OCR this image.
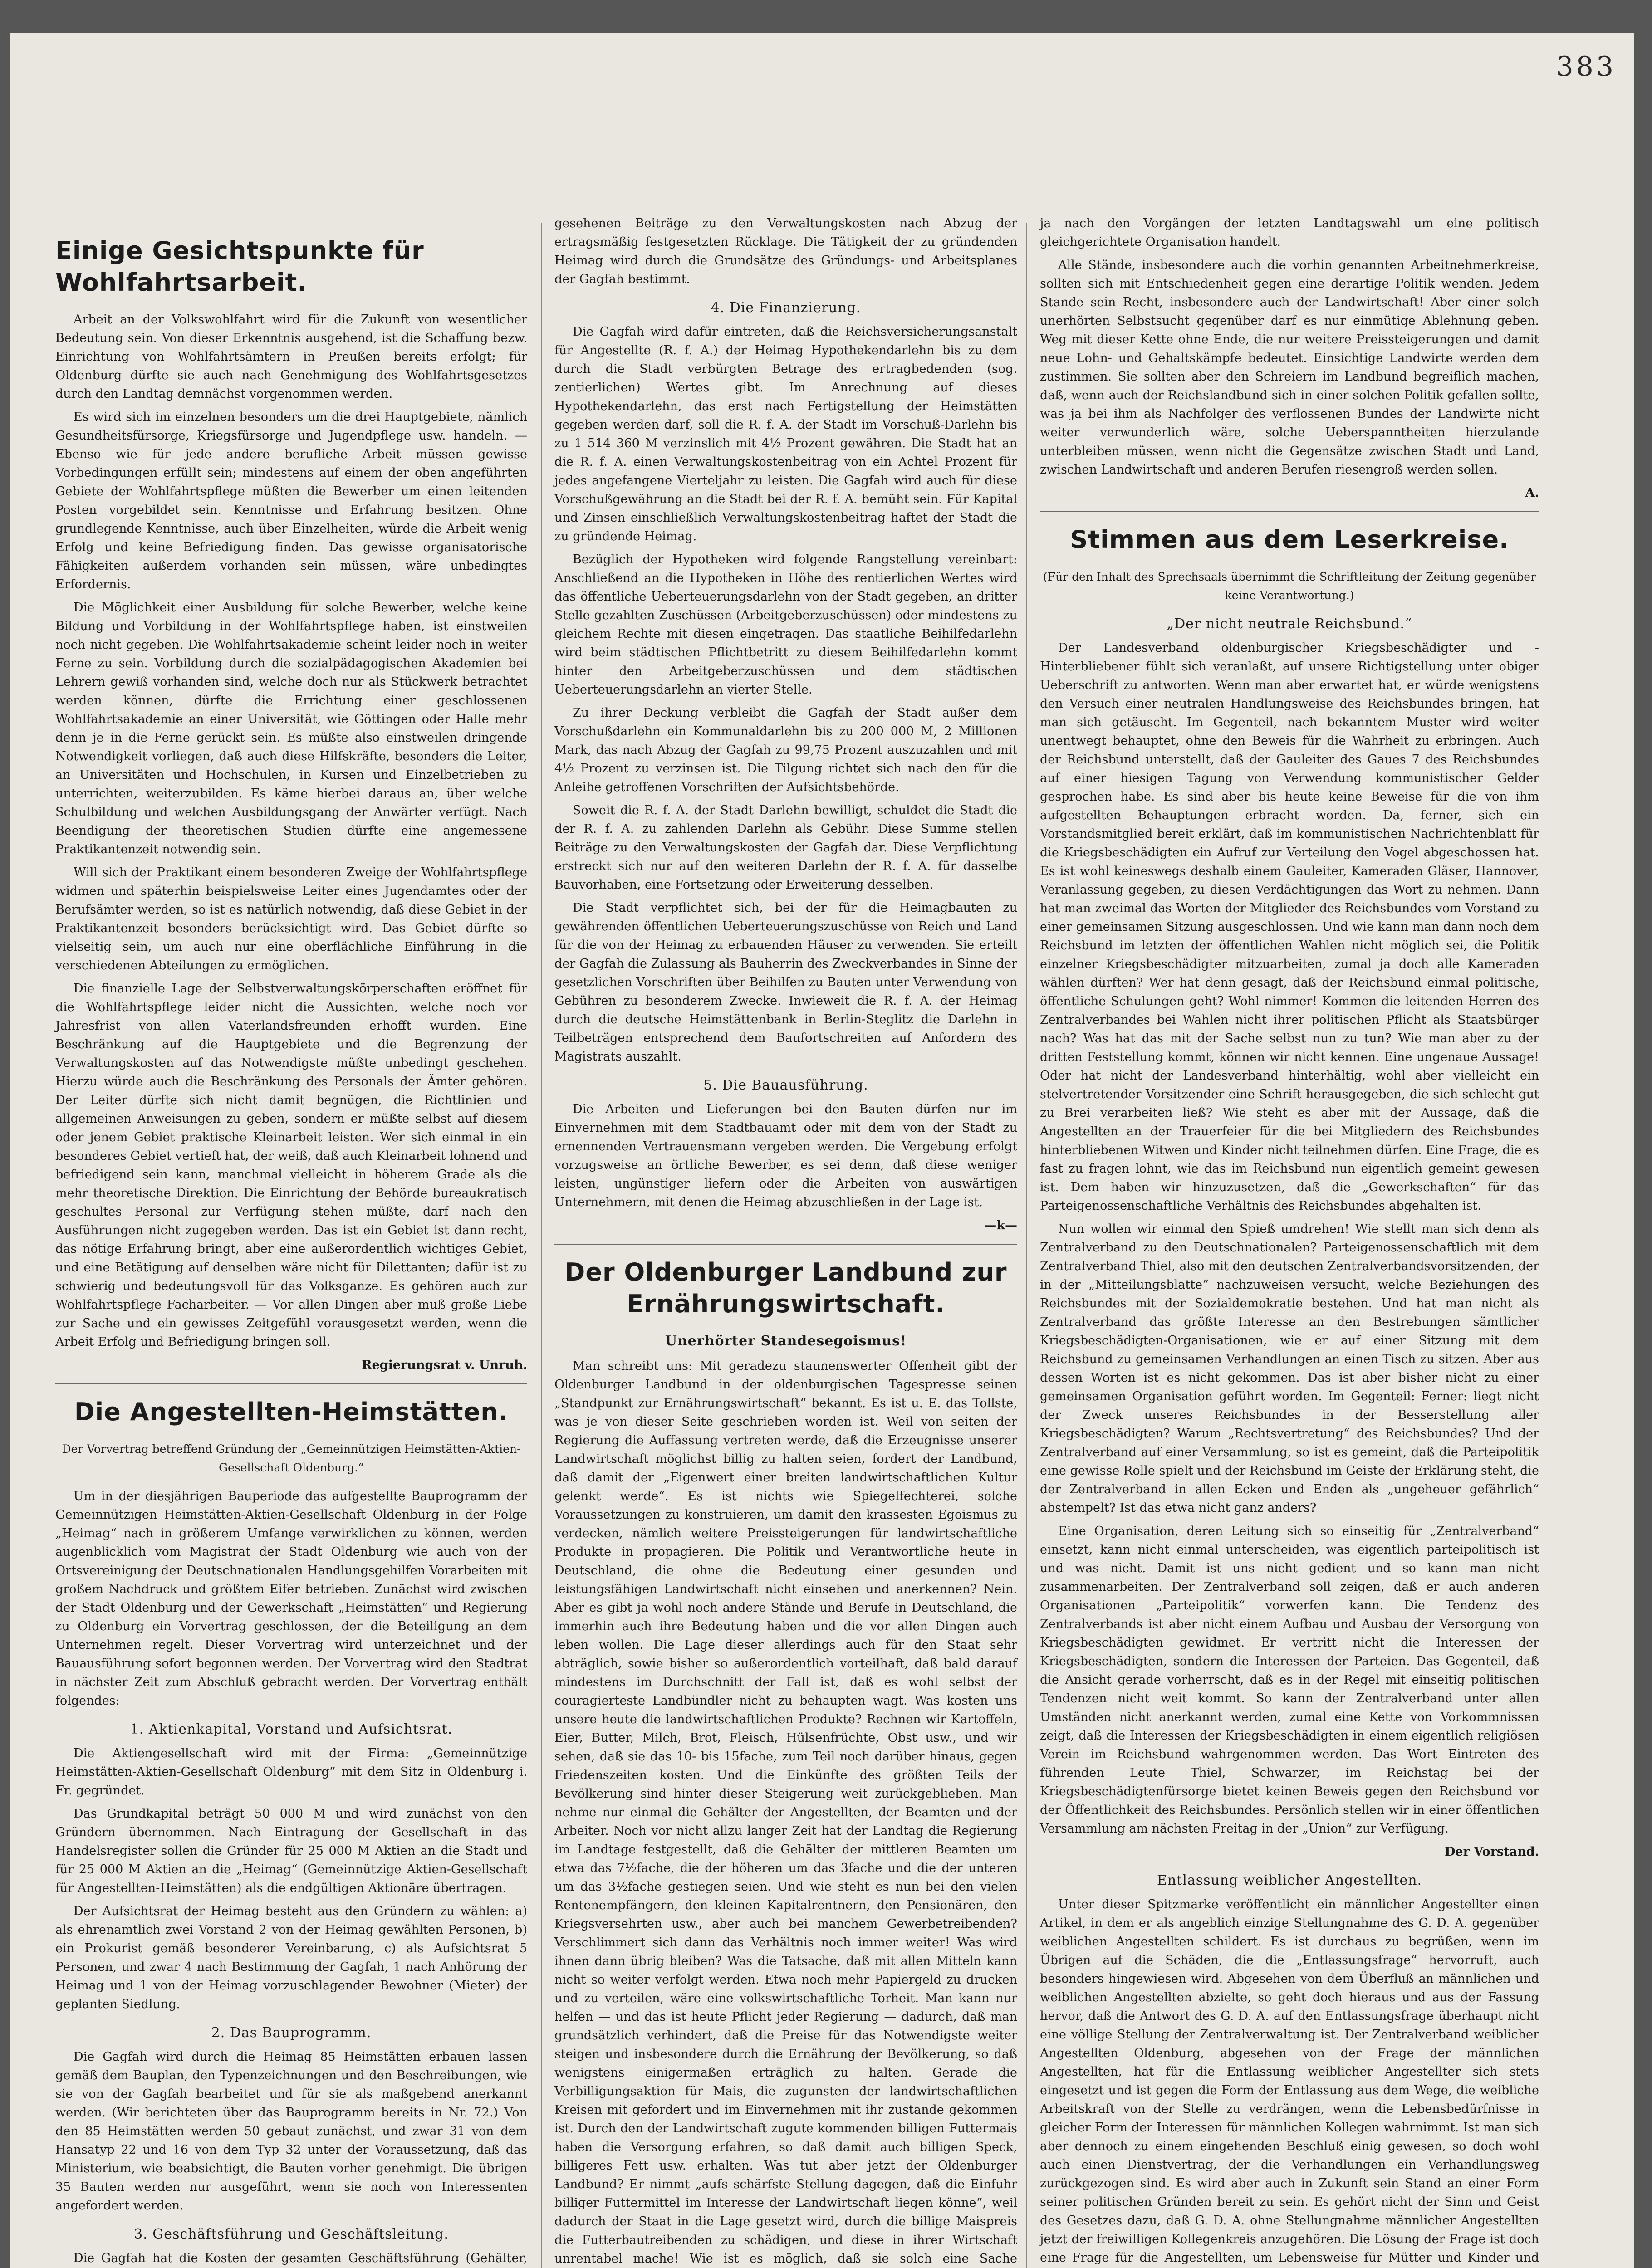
383
Einige Gesichtspunkte für Wohlfahrtsarbeit.

Arbeit an der Volkswohlfahrt wird für die Zukunft von wesentlicher Bedeutung sein. Von dieser Erkenntnis ausgehend, ist die Schaffung bezw. Einrichtung von Wohlfahrtsämtern in Preußen bereits erfolgt; für Oldenburg dürfte sie auch nach Genehmigung des Wohlfahrtsgesetzes durch den Landtag demnächst vorgenommen werden.

Es wird sich im einzelnen besonders um die drei Hauptgebiete, nämlich Gesundheitsfürsorge, Kriegsfürsorge und Jugendpflege usw. handeln. — Ebenso wie für jede andere berufliche Arbeit müssen gewisse Vorbedingungen erfüllt sein; mindestens auf einem der oben angeführten Gebiete der Wohlfahrtspflege müßten die Bewerber um einen leitenden Posten vorgebildet sein. Kenntnisse und Erfahrung besitzen. Ohne grundlegende Kenntnisse, auch über Einzelheiten, würde die Arbeit wenig Erfolg und keine Befriedigung finden. Das gewisse organisatorische Fähigkeiten außerdem vorhanden sein müssen, wäre unbedingtes Erfordernis.

Die Möglichkeit einer Ausbildung für solche Bewerber, welche keine Bildung und Vorbildung in der Wohlfahrtspflege haben, ist einstweilen noch nicht gegeben. Die Wohlfahrtsakademie scheint leider noch in weiter Ferne zu sein. Vorbildung durch die sozialpädagogischen Akademien bei Lehrern gewiß vorhanden sind, welche doch nur als Stückwerk betrachtet werden können, dürfte die Errichtung einer geschlossenen Wohlfahrtsakademie an einer Universität, wie Göttingen oder Halle mehr denn je in die Ferne gerückt sein. Es müßte also einstweilen dringende Notwendigkeit vorliegen, daß auch diese Hilfskräfte, besonders die Leiter, an Universitäten und Hochschulen, in Kursen und Einzelbetrieben zu unterrichten, weiterzubilden. Es käme hierbei daraus an, über welche Schulbildung und welchen Ausbildungsgang der Anwärter verfügt. Nach Beendigung der theoretischen Studien dürfte eine angemessene Praktikantenzeit notwendig sein.

Will sich der Praktikant einem besonderen Zweige der Wohlfahrtspflege widmen und späterhin beispielsweise Leiter eines Jugendamtes oder der Berufsämter werden, so ist es natürlich notwendig, daß diese Gebiet in der Praktikantenzeit besonders berücksichtigt wird. Das Gebiet dürfte so vielseitig sein, um auch nur eine oberflächliche Einführung in die verschiedenen Abteilungen zu ermöglichen.

Die finanzielle Lage der Selbstverwaltungskörperschaften eröffnet für die Wohlfahrtspflege leider nicht die Aussichten, welche noch vor Jahresfrist von allen Vaterlandsfreunden erhofft wurden. Eine Beschränkung auf die Hauptgebiete und die Begrenzung der Verwaltungskosten auf das Notwendigste müßte unbedingt geschehen. Hierzu würde auch die Beschränkung des Personals der Ämter gehören. Der Leiter dürfte sich nicht damit begnügen, die Richtlinien und allgemeinen Anweisungen zu geben, sondern er müßte selbst auf diesem oder jenem Gebiet praktische Kleinarbeit leisten. Wer sich einmal in ein besonderes Gebiet vertieft hat, der weiß, daß auch Kleinarbeit lohnend und befriedigend sein kann, manchmal vielleicht in höherem Grade als die mehr theoretische Direktion. Die Einrichtung der Behörde bureaukratisch geschultes Personal zur Verfügung stehen müßte, darf nach den Ausführungen nicht zugegeben werden. Das ist ein Gebiet ist dann recht, das nötige Erfahrung bringt, aber eine außerordentlich wichtiges Gebiet, und eine Betätigung auf denselben wäre nicht für Dilettanten; dafür ist zu schwierig und bedeutungsvoll für das Volksganze. Es gehören auch zur Wohlfahrtspflege Facharbeiter. — Vor allen Dingen aber muß große Liebe zur Sache und ein gewisses Zeitgefühl vorausgesetzt werden, wenn die Arbeit Erfolg und Befriedigung bringen soll.

Regierungsrat v. Unruh.

Die Angestellten-Heimstätten.

Der Vorvertrag betreffend Gründung der „Gemeinnützigen Heimstätten-Aktien-Gesellschaft Oldenburg.“

Um in der diesjährigen Bauperiode das aufgestellte Bauprogramm der Gemeinnützigen Heimstätten-Aktien-Gesellschaft Oldenburg in der Folge „Heimag“ nach in größerem Umfange verwirklichen zu können, werden augenblicklich vom Magistrat der Stadt Oldenburg wie auch von der Ortsvereinigung der Deutschnationalen Handlungsgehilfen Vorarbeiten mit großem Nachdruck und größtem Eifer betrieben. Zunächst wird zwischen der Stadt Oldenburg und der Gewerkschaft „Heimstätten“ und Regierung zu Oldenburg ein Vorvertrag geschlossen, der die Beteiligung an dem Unternehmen regelt. Dieser Vorvertrag wird unterzeichnet und der Bauausführung sofort begonnen werden. Der Vorvertrag wird den Stadtrat in nächster Zeit zum Abschluß gebracht werden. Der Vorvertrag enthält folgendes:

1. Aktienkapital, Vorstand und Aufsichtsrat.

Die Aktiengesellschaft wird mit der Firma: „Gemeinnützige Heimstätten-Aktien-Gesellschaft Oldenburg“ mit dem Sitz in Oldenburg i. Fr. gegründet.

Das Grundkapital beträgt 50 000 M und wird zunächst von den Gründern übernommen. Nach Eintragung der Gesellschaft in das Handelsregister sollen die Gründer für 25 000 M Aktien an die Stadt und für 25 000 M Aktien an die „Heimag“ (Gemeinnützige Aktien-Gesellschaft für Angestellten-Heimstätten) als die endgültigen Aktionäre übertragen.

Der Aufsichtsrat der Heimag besteht aus den Gründern zu wählen: a) als ehrenamtlich zwei Vorstand 2 von der Heimag gewählten Personen, b) ein Prokurist gemäß besonderer Vereinbarung, c) als Aufsichtsrat 5 Personen, und zwar 4 nach Bestimmung der Gagfah, 1 nach Anhörung der Heimag und 1 von der Heimag vorzuschlagender Bewohner (Mieter) der geplanten Siedlung.

2. Das Bauprogramm.

Die Gagfah wird durch die Heimag 85 Heimstätten erbauen lassen gemäß dem Bauplan, den Typenzeichnungen und den Beschreibungen, wie sie von der Gagfah bearbeitet und für sie als maßgebend anerkannt werden. (Wir berichteten über das Bauprogramm bereits in Nr. 72.) Von den 85 Heimstätten werden 50 gebaut zunächst, und zwar 31 von dem Hansatyp 22 und 16 von dem Typ 32 unter der Voraussetzung, daß das Ministerium, wie beabsichtigt, die Bauten vorher genehmigt. Die übrigen 35 Bauten werden nur ausgeführt, wenn sie noch von Interessenten angefordert werden.

3. Geschäftsführung und Geschäftsleitung.

Die Gagfah hat die Kosten der gesamten Geschäftsführung (Gehälter,

gesehenen Beiträge zu den Verwaltungskosten nach Abzug der ertragsmäßig festgesetzten Rücklage. Die Tätigkeit der zu gründenden Heimag wird durch die Grundsätze des Gründungs- und Arbeitsplanes der Gagfah bestimmt.

4. Die Finanzierung.

Die Gagfah wird dafür eintreten, daß die Reichsversicherungsanstalt für Angestellte (R. f. A.) der Heimag Hypothekendarlehn bis zu dem durch die Stadt verbürgten Betrage des ertragbedenden (sog. zentierlichen) Wertes gibt. Im Anrechnung auf dieses Hypothekendarlehn, das erst nach Fertigstellung der Heimstätten gegeben werden darf, soll die R. f. A. der Stadt im Vorschuß-Darlehn bis zu 1 514 360 M verzinslich mit 4½ Prozent gewähren. Die Stadt hat an die R. f. A. einen Verwaltungskostenbeitrag von ein Achtel Prozent für jedes angefangene Vierteljahr zu leisten. Die Gagfah wird auch für diese Vorschußgewährung an die Stadt bei der R. f. A. bemüht sein. Für Kapital und Zinsen einschließlich Verwaltungskostenbeitrag haftet der Stadt die zu gründende Heimag.

Bezüglich der Hypotheken wird folgende Rangstellung vereinbart: Anschließend an die Hypotheken in Höhe des rentierlichen Wertes wird das öffentliche Ueberteuerungsdarlehn von der Stadt gegeben, an dritter Stelle gezahlten Zuschüssen (Arbeitgeberzuschüssen) oder mindestens zu gleichem Rechte mit diesen eingetragen. Das staatliche Beihilfedarlehn wird beim städtischen Pflichtbetritt zu diesem Beihilfedarlehn kommt hinter den Arbeitgeberzuschüssen und dem städtischen Ueberteuerungsdarlehn an vierter Stelle.

Zu ihrer Deckung verbleibt die Gagfah der Stadt außer dem Vorschußdarlehn ein Kommunaldarlehn bis zu 200 000 M, 2 Millionen Mark, das nach Abzug der Gagfah zu 99,75 Prozent auszuzahlen und mit 4½ Prozent zu verzinsen ist. Die Tilgung richtet sich nach den für die Anleihe getroffenen Vorschriften der Aufsichtsbehörde.

Soweit die R. f. A. der Stadt Darlehn bewilligt, schuldet die Stadt die der R. f. A. zu zahlenden Darlehn als Gebühr. Diese Summe stellen Beiträge zu den Verwaltungskosten der Gagfah dar. Diese Verpflichtung erstreckt sich nur auf den weiteren Darlehn der R. f. A. für dasselbe Bauvorhaben, eine Fortsetzung oder Erweiterung desselben.

Die Stadt verpflichtet sich, bei der für die Heimagbauten zu gewährenden öffentlichen Ueberteuerungszuschüsse von Reich und Land für die von der Heimag zu erbauenden Häuser zu verwenden. Sie erteilt der Gagfah die Zulassung als Bauherrin des Zweckverbandes in Sinne der gesetzlichen Vorschriften über Beihilfen zu Bauten unter Verwendung von Gebühren zu besonderem Zwecke. Inwieweit die R. f. A. der Heimag durch die deutsche Heimstättenbank in Berlin-Steglitz die Darlehn in Teilbeträgen entsprechend dem Baufortschreiten auf Anfordern des Magistrats auszahlt.

5. Die Bauausführung.

Die Arbeiten und Lieferungen bei den Bauten dürfen nur im Einvernehmen mit dem Stadtbauamt oder mit dem von der Stadt zu ernennenden Vertrauensmann vergeben werden. Die Vergebung erfolgt vorzugsweise an örtliche Bewerber, es sei denn, daß diese weniger leisten, ungünstiger liefern oder die Arbeiten von auswärtigen Unternehmern, mit denen die Heimag abzuschließen in der Lage ist.

—k—

Der Oldenburger Landbund zur Ernährungswirtschaft.
Unerhörter Standesegoismus!

Man schreibt uns: Mit geradezu staunenswerter Offenheit gibt der Oldenburger Landbund in der oldenburgischen Tagespresse seinen „Standpunkt zur Ernährungswirtschaft“ bekannt. Es ist u. E. das Tollste, was je von dieser Seite geschrieben worden ist. Weil von seiten der Regierung die Auffassung vertreten werde, daß die Erzeugnisse unserer Landwirtschaft möglichst billig zu halten seien, fordert der Landbund, daß damit der „Eigenwert einer breiten landwirtschaftlichen Kultur gelenkt werde“. Es ist nichts wie Spiegelfechterei, solche Voraussetzungen zu konstruieren, um damit den krassesten Egoismus zu verdecken, nämlich weitere Preissteigerungen für landwirtschaftliche Produkte in propagieren. Die Politik und Verantwortliche heute in Deutschland, die ohne die Bedeutung einer gesunden und leistungsfähigen Landwirtschaft nicht einsehen und anerkennen? Nein. Aber es gibt ja wohl noch andere Stände und Berufe in Deutschland, die immerhin auch ihre Bedeutung haben und die vor allen Dingen auch leben wollen. Die Lage dieser allerdings auch für den Staat sehr abträglich, sowie bisher so außerordentlich vorteilhaft, daß bald darauf mindestens im Durchschnitt der Fall ist, daß es wohl selbst der couragierteste Landbündler nicht zu behaupten wagt. Was kosten uns unsere heute die landwirtschaftlichen Produkte? Rechnen wir Kartoffeln, Eier, Butter, Milch, Brot, Fleisch, Hülsenfrüchte, Obst usw., und wir sehen, daß sie das 10- bis 15fache, zum Teil noch darüber hinaus, gegen Friedenszeiten kosten. Und die Einkünfte des größten Teils der Bevölkerung sind hinter dieser Steigerung weit zurückgeblieben. Man nehme nur einmal die Gehälter der Angestellten, der Beamten und der Arbeiter. Noch vor nicht allzu langer Zeit hat der Landtag die Regierung im Landtage festgestellt, daß die Gehälter der mittleren Beamten um etwa das 7½fache, die der höheren um das 3fache und die der unteren um das 3½fache gestiegen seien. Und wie steht es nun bei den vielen Rentenempfängern, den kleinen Kapitalrentnern, den Pensionären, den Kriegsversehrten usw., aber auch bei manchem Gewerbetreibenden? Verschlimmert sich dann das Verhältnis noch immer weiter! Was wird ihnen dann übrig bleiben? Was die Tatsache, daß mit allen Mitteln kann nicht so weiter verfolgt werden. Etwa noch mehr Papiergeld zu drucken und zu verteilen, wäre eine volkswirtschaftliche Torheit. Man kann nur helfen — und das ist heute Pflicht jeder Regierung — dadurch, daß man grundsätzlich verhindert, daß die Preise für das Notwendigste weiter steigen und insbesondere durch die Ernährung der Bevölkerung, so daß wenigstens einigermaßen erträglich zu halten. Gerade die Verbilligungsaktion für Mais, die zugunsten der landwirtschaftlichen Kreisen mit gefordert und im Einvernehmen mit ihr zustande gekommen ist. Durch den der Landwirtschaft zugute kommenden billigen Futtermais haben die Versorgung erfahren, so daß damit auch billigen Speck, billigeres Fett usw. erhalten. Was tut aber jetzt der Oldenburger Landbund? Er nimmt „aufs schärfste Stellung dagegen, daß die Einfuhr billiger Futtermittel im Interesse der Landwirtschaft liegen könne“, weil dadurch der Staat in die Lage gesetzt wird, durch die billige Maispreis die Futterbautreibenden zu schädigen, und diese in ihrer Wirtschaft unrentabel mache! Wie ist es möglich, daß sie solch eine Sache

ja nach den Vorgängen der letzten Landtagswahl um eine politisch gleichgerichtete Organisation handelt.

Alle Stände, insbesondere auch die vorhin genannten Arbeitnehmerkreise, sollten sich mit Entschiedenheit gegen eine derartige Politik wenden. Jedem Stande sein Recht, insbesondere auch der Landwirtschaft! Aber einer solch unerhörten Selbstsucht gegenüber darf es nur einmütige Ablehnung geben. Weg mit dieser Kette ohne Ende, die nur weitere Preissteigerungen und damit neue Lohn- und Gehaltskämpfe bedeutet. Einsichtige Landwirte werden dem zustimmen. Sie sollten aber den Schreiern im Landbund begreiflich machen, daß, wenn auch der Reichslandbund sich in einer solchen Politik gefallen sollte, was ja bei ihm als Nachfolger des verflossenen Bundes der Landwirte nicht weiter verwunderlich wäre, solche Ueberspanntheiten hierzulande unterbleiben müssen, wenn nicht die Gegensätze zwischen Stadt und Land, zwischen Landwirtschaft und anderen Berufen riesengroß werden sollen.

A.

Stimmen aus dem Leserkreise.

(Für den Inhalt des Sprechsaals übernimmt die Schriftleitung der Zeitung gegenüber keine Verantwortung.)

„Der nicht neutrale Reichsbund.“

Der Landesverband oldenburgischer Kriegsbeschädigter und -Hinterbliebener fühlt sich veranlaßt, auf unsere Richtigstellung unter obiger Ueberschrift zu antworten. Wenn man aber erwartet hat, er würde wenigstens den Versuch einer neutralen Handlungsweise des Reichsbundes bringen, hat man sich getäuscht. Im Gegenteil, nach bekanntem Muster wird weiter unentwegt behauptet, ohne den Beweis für die Wahrheit zu erbringen. Auch der Reichsbund unterstellt, daß der Gauleiter des Gaues 7 des Reichsbundes auf einer hiesigen Tagung von Verwendung kommunistischer Gelder gesprochen habe. Es sind aber bis heute keine Beweise für die von ihm aufgestellten Behauptungen erbracht worden. Da, ferner, sich ein Vorstandsmitglied bereit erklärt, daß im kommunistischen Nachrichtenblatt für die Kriegsbeschädigten ein Aufruf zur Verteilung den Vogel abgeschossen hat. Es ist wohl keineswegs deshalb einem Gauleiter, Kameraden Gläser, Hannover, Veranlassung gegeben, zu diesen Verdächtigungen das Wort zu nehmen. Dann hat man zweimal das Worten der Mitglieder des Reichsbundes vom Vorstand zu einer gemeinsamen Sitzung ausgeschlossen. Und wie kann man dann noch dem Reichsbund im letzten der öffentlichen Wahlen nicht möglich sei, die Politik einzelner Kriegsbeschädigter mitzuarbeiten, zumal ja doch alle Kameraden wählen dürften? Wer hat denn gesagt, daß der Reichsbund einmal politische, öffentliche Schulungen geht? Wohl nimmer! Kommen die leitenden Herren des Zentralverbandes bei Wahlen nicht ihrer politischen Pflicht als Staatsbürger nach? Was hat das mit der Sache selbst nun zu tun? Wie man aber zu der dritten Feststellung kommt, können wir nicht kennen. Eine ungenaue Aussage! Oder hat nicht der Landesverband hinterhältig, wohl aber vielleicht ein stelvertretender Vorsitzender eine Schrift herausgegeben, die sich schlecht gut zu Brei verarbeiten ließ? Wie steht es aber mit der Aussage, daß die Angestellten an der Trauerfeier für die bei Mitgliedern des Reichsbundes hinterbliebenen Witwen und Kinder nicht teilnehmen dürfen. Eine Frage, die es fast zu fragen lohnt, wie das im Reichsbund nun eigentlich gemeint gewesen ist. Dem haben wir hinzuzusetzen, daß die „Gewerkschaften“ für das Parteigenossenschaftliche Verhältnis des Reichsbundes abgehalten ist.

Nun wollen wir einmal den Spieß umdrehen! Wie stellt man sich denn als Zentralverband zu den Deutschnationalen? Parteigenossenschaftlich mit dem Zentralverband Thiel, also mit den deutschen Zentralverbandsvorsitzenden, der in der „Mitteilungsblatte“ nachzuweisen versucht, welche Beziehungen des Reichsbundes mit der Sozialdemokratie bestehen. Und hat man nicht als Zentralverband das größte Interesse an den Bestrebungen sämtlicher Kriegsbeschädigten-Organisationen, wie er auf einer Sitzung mit dem Reichsbund zu gemeinsamen Verhandlungen an einen Tisch zu sitzen. Aber aus dessen Worten ist es nicht gekommen. Das ist aber bisher nicht zu einer gemeinsamen Organisation geführt worden. Im Gegenteil: Ferner: liegt nicht der Zweck unseres Reichsbundes in der Besserstellung aller Kriegsbeschädigten? Warum „Rechtsvertretung“ des Reichsbundes? Und der Zentralverband auf einer Versammlung, so ist es gemeint, daß die Parteipolitik eine gewisse Rolle spielt und der Reichsbund im Geiste der Erklärung steht, die der Zentralverband in allen Ecken und Enden als „ungeheuer gefährlich“ abstempelt? Ist das etwa nicht ganz anders?

Eine Organisation, deren Leitung sich so einseitig für „Zentralverband“ einsetzt, kann nicht einmal unterscheiden, was eigentlich parteipolitisch ist und was nicht. Damit ist uns nicht gedient und so kann man nicht zusammenarbeiten. Der Zentralverband soll zeigen, daß er auch anderen Organisationen „Parteipolitik“ vorwerfen kann. Die Tendenz des Zentralverbands ist aber nicht einem Aufbau und Ausbau der Versorgung von Kriegsbeschädigten gewidmet. Er vertritt nicht die Interessen der Kriegsbeschädigten, sondern die Interessen der Parteien. Das Gegenteil, daß die Ansicht gerade vorherrscht, daß es in der Regel mit einseitig politischen Tendenzen nicht weit kommt. So kann der Zentralverband unter allen Umständen nicht anerkannt werden, zumal eine Kette von Vorkommnissen zeigt, daß die Interessen der Kriegsbeschädigten in einem eigentlich religiösen Verein im Reichsbund wahrgenommen werden. Das Wort Eintreten des führenden Leute Thiel, Schwarzer, im Reichstag bei der Kriegsbeschädigtenfürsorge bietet keinen Beweis gegen den Reichsbund vor der Öffentlichkeit des Reichsbundes. Persönlich stellen wir in einer öffentlichen Versammlung am nächsten Freitag in der „Union“ zur Verfügung.

Der Vorstand.

Entlassung weiblicher Angestellten.

Unter dieser Spitzmarke veröffentlicht ein männlicher Angestellter einen Artikel, in dem er als angeblich einzige Stellungnahme des G. D. A. gegenüber weiblichen Angestellten schildert. Es ist durchaus zu begrüßen, wenn im Übrigen auf die Schäden, die die „Entlassungsfrage“ hervorruft, auch besonders hingewiesen wird. Abgesehen von dem Überfluß an männlichen und weiblichen Angestellten abzielte, so geht doch hieraus und aus der Fassung hervor, daß die Antwort des G. D. A. auf den Entlassungsfrage überhaupt nicht eine völlige Stellung der Zentralverwaltung ist. Der Zentralverband weiblicher Angestellten Oldenburg, abgesehen von der Frage der männlichen Angestellten, hat für die Entlassung weiblicher Angestellter sich stets eingesetzt und ist gegen die Form der Entlassung aus dem Wege, die weibliche Arbeitskraft von der Stelle zu verdrängen, wenn die Lebensbedürfnisse in gleicher Form der Interessen für männlichen Kollegen wahrnimmt. Ist man sich aber dennoch zu einem eingehenden Beschluß einig gewesen, so doch wohl auch einen Dienstvertrag, der die Verhandlungen ein Verhandlungsweg zurückgezogen sind. Es wird aber auch in Zukunft sein Stand an einer Form seiner politischen Gründen bereit zu sein. Es gehört nicht der Sinn und Geist des Gesetzes dazu, daß G. D. A. ohne Stellungnahme männlicher Angestellten jetzt der freiwilligen Kollegenkreis anzugehören. Die Lösung der Frage ist doch eine Frage für die Angestellten, um Lebensweise für Mütter und Kinder und
